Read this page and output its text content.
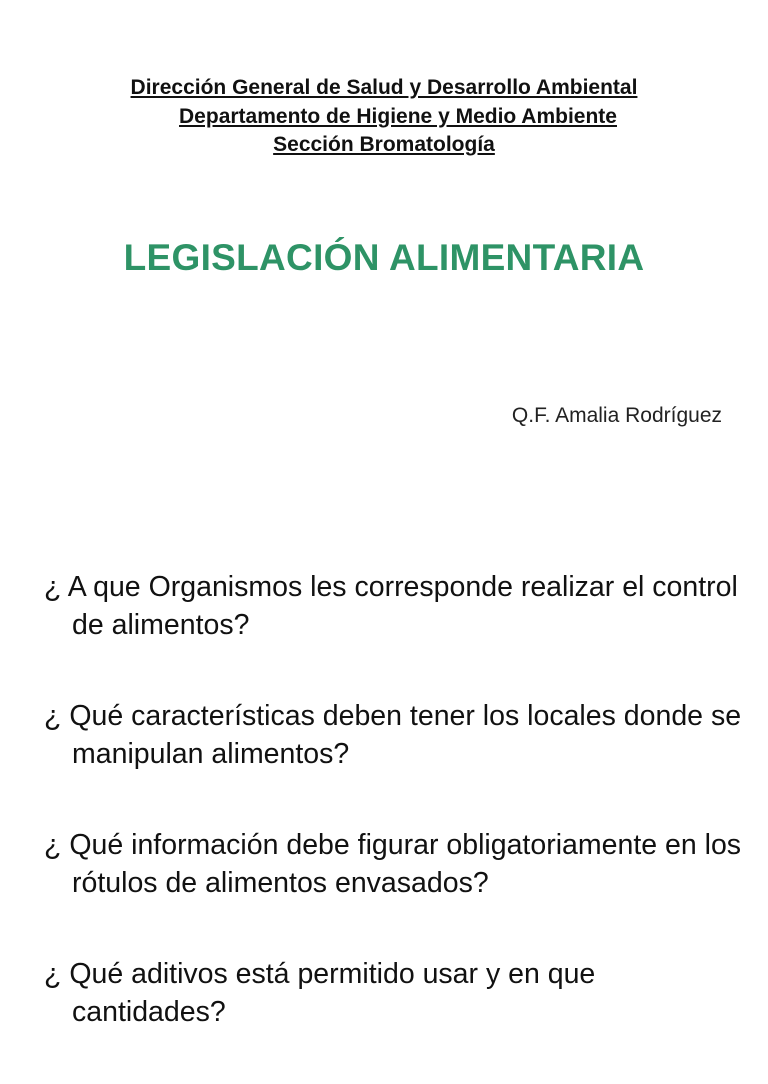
Dirección General de Salud y Desarrollo Ambiental
Departamento de Higiene y Medio Ambiente
Sección Bromatología
LEGISLACIÓN ALIMENTARIA
Q.F. Amalia Rodríguez

¿ A que Organismos les corresponde realizar el control de alimentos?

¿ Qué características deben tener los locales donde se manipulan alimentos?

¿ Qué información debe figurar obligatoriamente en los rótulos de alimentos envasados?

¿ Qué aditivos está permitido usar y en que cantidades?
